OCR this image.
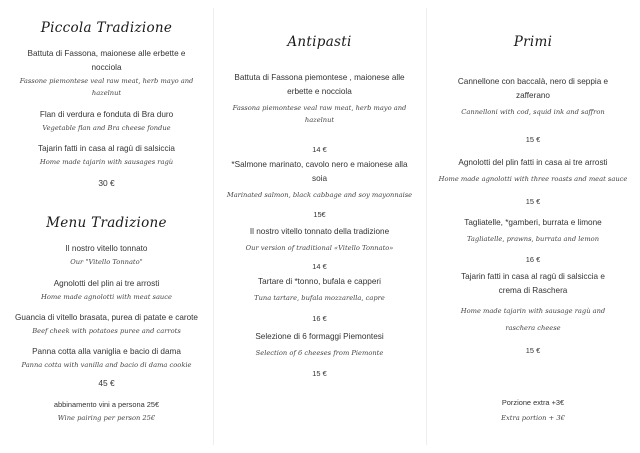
Piccola Tradizione
Battuta di Fassona, maionese alle erbette e
nocciola
Fassone piemontese veal raw meat, herb mayo and
hazelnut
Flan di verdura e fonduta di Bra duro
Vegetable flan and Bra cheese fondue
Tajarin fatti in casa al ragù di salsiccia
Home made tajarin with sausages ragù
30 €
Menu Tradizione
Il nostro vitello tonnato
Our "Vitello Tonnato"
Agnolotti del plin ai tre arrosti
Home made agnolotti with meat sauce
Guancia di vitello brasata, purea di patate e carote
Beef cheek with potatoes puree and carrots
Panna cotta alla vaniglia e bacio di dama
Panna cotta with vanilla and bacio di dama cookie
45 €
abbinamento vini a persona 25€
Wine pairing per person 25€
Antipasti
Battuta di Fassona piemontese , maionese alle
erbette e nocciola
Fassona piemontese veal raw meat, herb mayo and
hazelnut
14 €
*Salmone marinato, cavolo nero e maionese alla
soia
Marinated salmon, black cabbage and soy mayonnaise
15€
Il nostro vitello tonnato della tradizione
Our version of traditional «Vitello Tonnato»
14 €
Tartare di *tonno, bufala e capperi
Tuna tartare, bufala mozzarella, capre
16 €
Selezione di 6 formaggi Piemontesi
Selection of 6 cheeses from Piemonte
15 €
Primi
Cannellone con baccalà, nero di seppia e
zafferano
Cannelloni with cod, squid ink and saffron
15 €
Agnolotti del plin fatti in casa ai tre arrosti
Home made agnolotti with three roasts and meat sauce
15 €
Tagliatelle, *gamberi, burrata e limone
Tagliatelle, prawns, burrata and lemon
16 €
Tajarin fatti in casa al ragù di salsiccia e
crema di Raschera
Home made tajarin with sausage ragù and
raschera cheese
15 €
Porzione extra +3€
Extra portion + 3€
